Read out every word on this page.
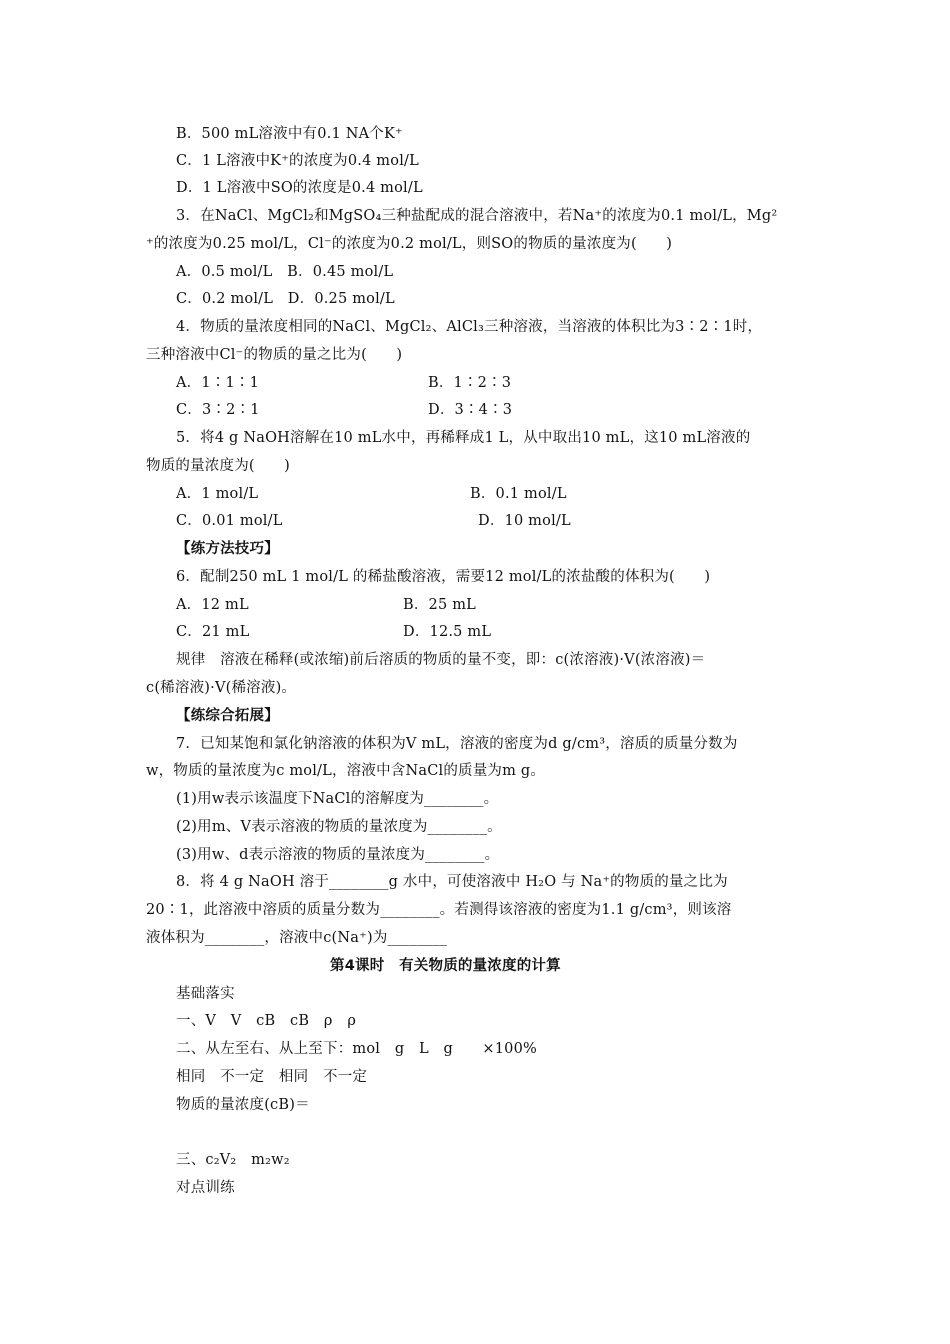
B．500 mL溶液中有0.1 NA个K⁺
C．1 L溶液中K⁺的浓度为0.4 mol/L
D．1 L溶液中SO的浓度是0.4 mol/L
3．在NaCl、MgCl₂和MgSO₄三种盐配成的混合溶液中，若Na⁺的浓度为0.1 mol/L，Mg²
⁺的浓度为0.25 mol/L，Cl⁻的浓度为0.2 mol/L，则SO的物质的量浓度为(　　)
A．0.5 mol/L　B．0.45 mol/L
C．0.2 mol/L　D．0.25 mol/L
4．物质的量浓度相同的NaCl、MgCl₂、AlCl₃三种溶液，当溶液的体积比为3∶2∶1时，
三种溶液中Cl⁻的物质的量之比为(　　)
A．1∶1∶1	B．1∶2∶3
C．3∶2∶1	D．3∶4∶3
5．将4 g NaOH溶解在10 mL水中，再稀释成1 L，从中取出10 mL，这10 mL溶液的
物质的量浓度为(　　)
A．1 mol/L	B．0.1 mol/L
C．0.01 mol/L	D．10 mol/L
【练方法技巧】
6．配制250 mL 1 mol/L 的稀盐酸溶液，需要12 mol/L的浓盐酸的体积为(　　)
A．12 mL	B．25 mL
C．21 mL	D．12.5 mL
规律　溶液在稀释(或浓缩)前后溶质的物质的量不变，即：c(浓溶液)·V(浓溶液)＝
c(稀溶液)·V(稀溶液)。
【练综合拓展】
7．已知某饱和氯化钠溶液的体积为V mL，溶液的密度为d g/cm³，溶质的质量分数为
w，物质的量浓度为c mol/L，溶液中含NaCl的质量为m g。
(1)用w表示该温度下NaCl的溶解度为________。
(2)用m、V表示溶液的物质的量浓度为________。
(3)用w、d表示溶液的物质的量浓度为________。
8．将 4 g NaOH 溶于________g 水中，可使溶液中 H₂O 与 Na⁺的物质的量之比为
20∶1，此溶液中溶质的质量分数为________。若测得该溶液的密度为1.1 g/cm³，则该溶
液体积为________，溶液中c(Na⁺)为________
第4课时　有关物质的量浓度的计算
基础落实
一、V　V　cB　cB　ρ　ρ
二、从左至右、从上至下：mol　g　L　g　　×100%
相同　不一定　相同　不一定
物质的量浓度(cB)＝
三、c₂V₂　m₂w₂
对点训练
